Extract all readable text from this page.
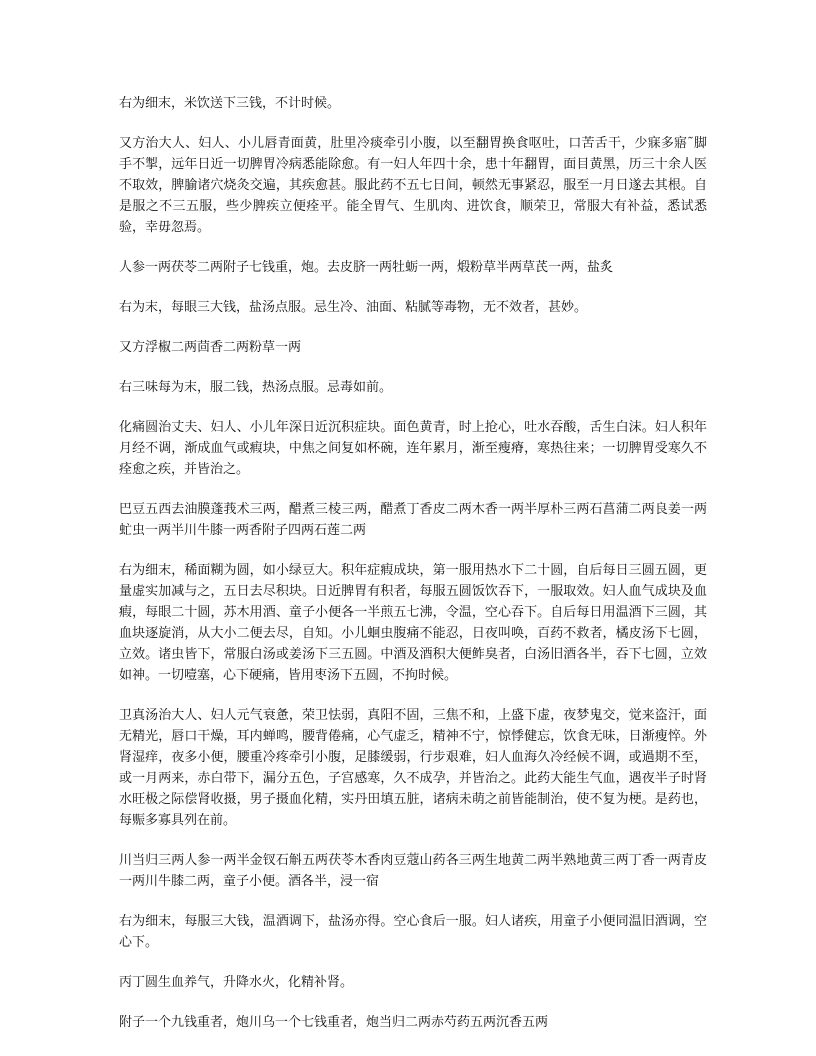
右为细末，米饮送下三钱，不计时候。

又方治大人、妇人、小儿唇青面黄，肚里冷痰牵引小腹，以至翻胃换食呕吐，口苦舌干，少寐多寤˜脚手不掣，远年日近一切脾胃冷病悉能除愈。有一妇人年四十余，患十年翻胃，面目黄黑，历三十余人医不取效，脾腧诸穴烧灸交遍，其疾愈甚。服此药不五七日间，顿然无事紧忍，服至一月日遂去其根。自是服之不三五服，些少脾疾立便痊平。能全胃气、生肌肉、进饮食，顺荣卫，常服大有补益，悉试悉验，幸毋忽焉。

人参一两茯苓二两附子七钱重，炮。去皮脐一两牡蛎一两，煅粉草半两草芪一两，盐炙

右为末，每眼三大钱，盐汤点服。忌生冷、油面、粘腻等毒物，无不效者，甚妙。

又方浮椒二两茴香二两粉草一两

右三味每为末，服二钱，热汤点服。忌毒如前。

化痛圆治丈夫、妇人、小儿年深日近沉积症块。面色黄青，时上抢心，吐水吞酸，舌生白沫。妇人积年月经不调，渐成血气或瘕块，中焦之间复如杯碗，连年累月，渐至瘦瘠，寒热往来；一切脾胃受寒久不痊愈之疾，并皆治之。

巴豆五西去油膜蓬莪术三两，醋煮三棱三两，醋煮丁香皮二两木香一两半厚朴三两石菖蒲二两良姜一两虻虫一两半川牛膝一两香附子四两石莲二两

右为细末，稀面糊为圆，如小绿豆大。积年症瘕成块，第一服用热水下二十圆，自后每日三圆五圆，更量虚实加减与之，五日去尽积块。日近脾胃有积者，每服五圆饭饮吞下，一服取效。妇人血气成块及血瘕，每眼二十圆，苏木用酒、童子小便各一半煎五七沸，令温，空心吞下。自后每日用温酒下三圆，其血块逐旋消，从大小二便去尽，自知。小儿蛔虫腹痛不能忍，日夜叫唤，百药不救者，橘皮汤下七圆，立效。诸虫皆下，常服白汤或姜汤下三五圆。中酒及酒积大便鲊臭者，白汤旧酒各半，吞下七圆，立效如神。一切噎塞，心下硬痛，皆用枣汤下五圆，不拘时候。

卫真汤治大人、妇人元气衰惫，荣卫怯弱，真阳不固，三焦不和，上盛下虚，夜梦鬼交，觉来盗汗，面无精光，唇口干燥，耳内蝉鸣，腰背倦痛，心气虚乏，精神不宁，惊悸健忘，饮食无味，日渐瘦悴。外肾湿痒，夜多小便，腰重冷疼牵引小腹，足膝缓弱，行步艰难，妇人血海久冷经候不调，或過期不至，或一月两来，赤白带下，漏分五色，子宫感寒，久不成孕，并皆治之。此药大能生气血，遇夜半子时肾水旺极之际偿肾收摄，男子摄血化精，实丹田填五脏，诸病未萌之前皆能制治，使不复为梗。是药也，每赈多寡具列在前。

川当归三两人参一两半金钗石斛五两茯苓木香肉豆蔻山药各三两生地黄二两半熟地黄三两丁香一两青皮一两川牛膝二两，童子小便。酒各半，浸一宿

右为细末，每服三大钱，温酒调下，盐汤亦得。空心食后一服。妇人诸疾，用童子小便同温旧酒调，空心下。

丙丁圆生血养气，升降水火，化精补肾。

附子一个九钱重者，炮川乌一个七钱重者，炮当归二两赤芍药五两沉香五两
